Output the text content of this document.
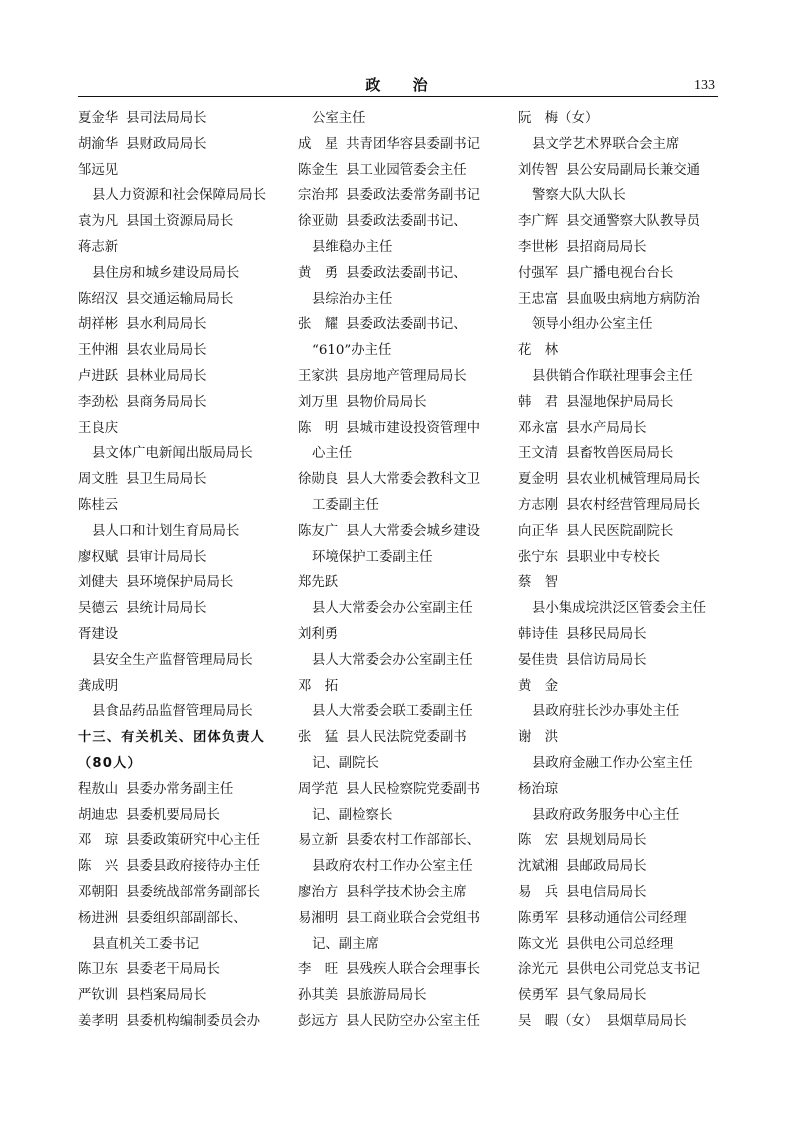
政 治	133
夏金华 县司法局局长
胡渝华 县财政局局长
邹远见
县人力资源和社会保障局局长
袁为凡 县国土资源局局长
蒋志新
县住房和城乡建设局局长
陈绍汉 县交通运输局局长
胡祥彬 县水利局局长
王仲湘 县农业局局长
卢进跃 县林业局局长
李劲松 县商务局局长
王良庆
县文体广电新闻出版局局长
周文胜 县卫生局局长
陈桂云
县人口和计划生育局局长
廖权赋 县审计局局长
刘健夫 县环境保护局局长
吴德云 县统计局局长
胥建设
县安全生产监督管理局局长
龚成明
县食品药品监督管理局局长
十三、有关机关、团体负责人
（80人）
程敖山 县委办常务副主任
胡迪忠 县委机要局局长
邓　琼 县委政策研究中心主任
陈　兴 县委县政府接待办主任
邓朝阳 县委统战部常务副部长
杨进洲 县委组织部副部长、
县直机关工委书记
陈卫东 县委老干局局长
严钦训 县档案局局长
姜孝明 县委机构编制委员会办
公室主任
成　星 共青团华容县委副书记
陈金生 县工业园管委会主任
宗治邦 县委政法委常务副书记
徐亚勋 县委政法委副书记、
县维稳办主任
黄　勇 县委政法委副书记、
县综治办主任
张　耀 县委政法委副书记、
“610”办主任
王家洪 县房地产管理局局长
刘万里 县物价局局长
陈　明 县城市建设投资管理中
心主任
徐勋良 县人大常委会教科文卫
工委副主任
陈友广 县人大常委会城乡建设
环境保护工委副主任
郑先跃
县人大常委会办公室副主任
刘利勇
县人大常委会办公室副主任
邓　拓
县人大常委会联工委副主任
张　猛 县人民法院党委副书
记、副院长
周学范 县人民检察院党委副书
记、副检察长
易立新 县委农村工作部部长、
县政府农村工作办公室主任
廖治方 县科学技术协会主席
易湘明 县工商业联合会党组书
记、副主席
李　旺 县残疾人联合会理事长
孙其美 县旅游局局长
彭远方 县人民防空办公室主任
阮　梅（女）
县文学艺术界联合会主席
刘传智 县公安局副局长兼交通
警察大队大队长
李广辉 县交通警察大队教导员
李世彬 县招商局局长
付强军 县广播电视台台长
王忠富 县血吸虫病地方病防治
领导小组办公室主任
花　林
县供销合作联社理事会主任
韩　君 县湿地保护局局长
邓永富 县水产局局长
王文清 县畜牧兽医局局长
夏金明 县农业机械管理局局长
方志刚 县农村经营管理局局长
向正华 县人民医院副院长
张宁东 县职业中专校长
蔡　智
县小集成垸洪泛区管委会主任
韩诗佳 县移民局局长
晏佳贵 县信访局局长
黄　金
县政府驻长沙办事处主任
谢　洪
县政府金融工作办公室主任
杨治琼
县政府政务服务中心主任
陈　宏 县规划局局长
沈斌湘 县邮政局局长
易　兵 县电信局局长
陈勇军 县移动通信公司经理
陈文光 县供电公司总经理
涂光元 县供电公司党总支书记
侯勇军 县气象局局长
吴　暇（女） 县烟草局局长
